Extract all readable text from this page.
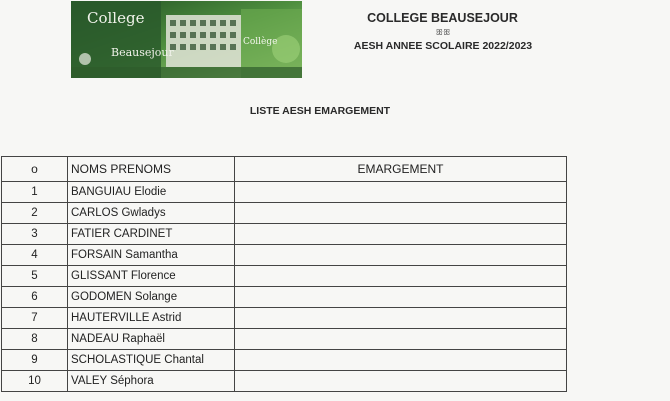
College
Beausejour
Collège
COLLEGE BEAUSEJOUR
ꕥꕥ
AESH ANNEE SCOLAIRE 2022/2023
LISTE AESH EMARGEMENT
o	NOMS PRENOMS	EMARGEMENT
1	BANGUIAU Elodie	
2	CARLOS Gwladys	
3	FATIER CARDINET	
4	FORSAIN Samantha	
5	GLISSANT Florence	
6	GODOMEN Solange	
7	HAUTERVILLE Astrid	
8	NADEAU Raphaël	
9	SCHOLASTIQUE Chantal	
10	VALEY Séphora	
